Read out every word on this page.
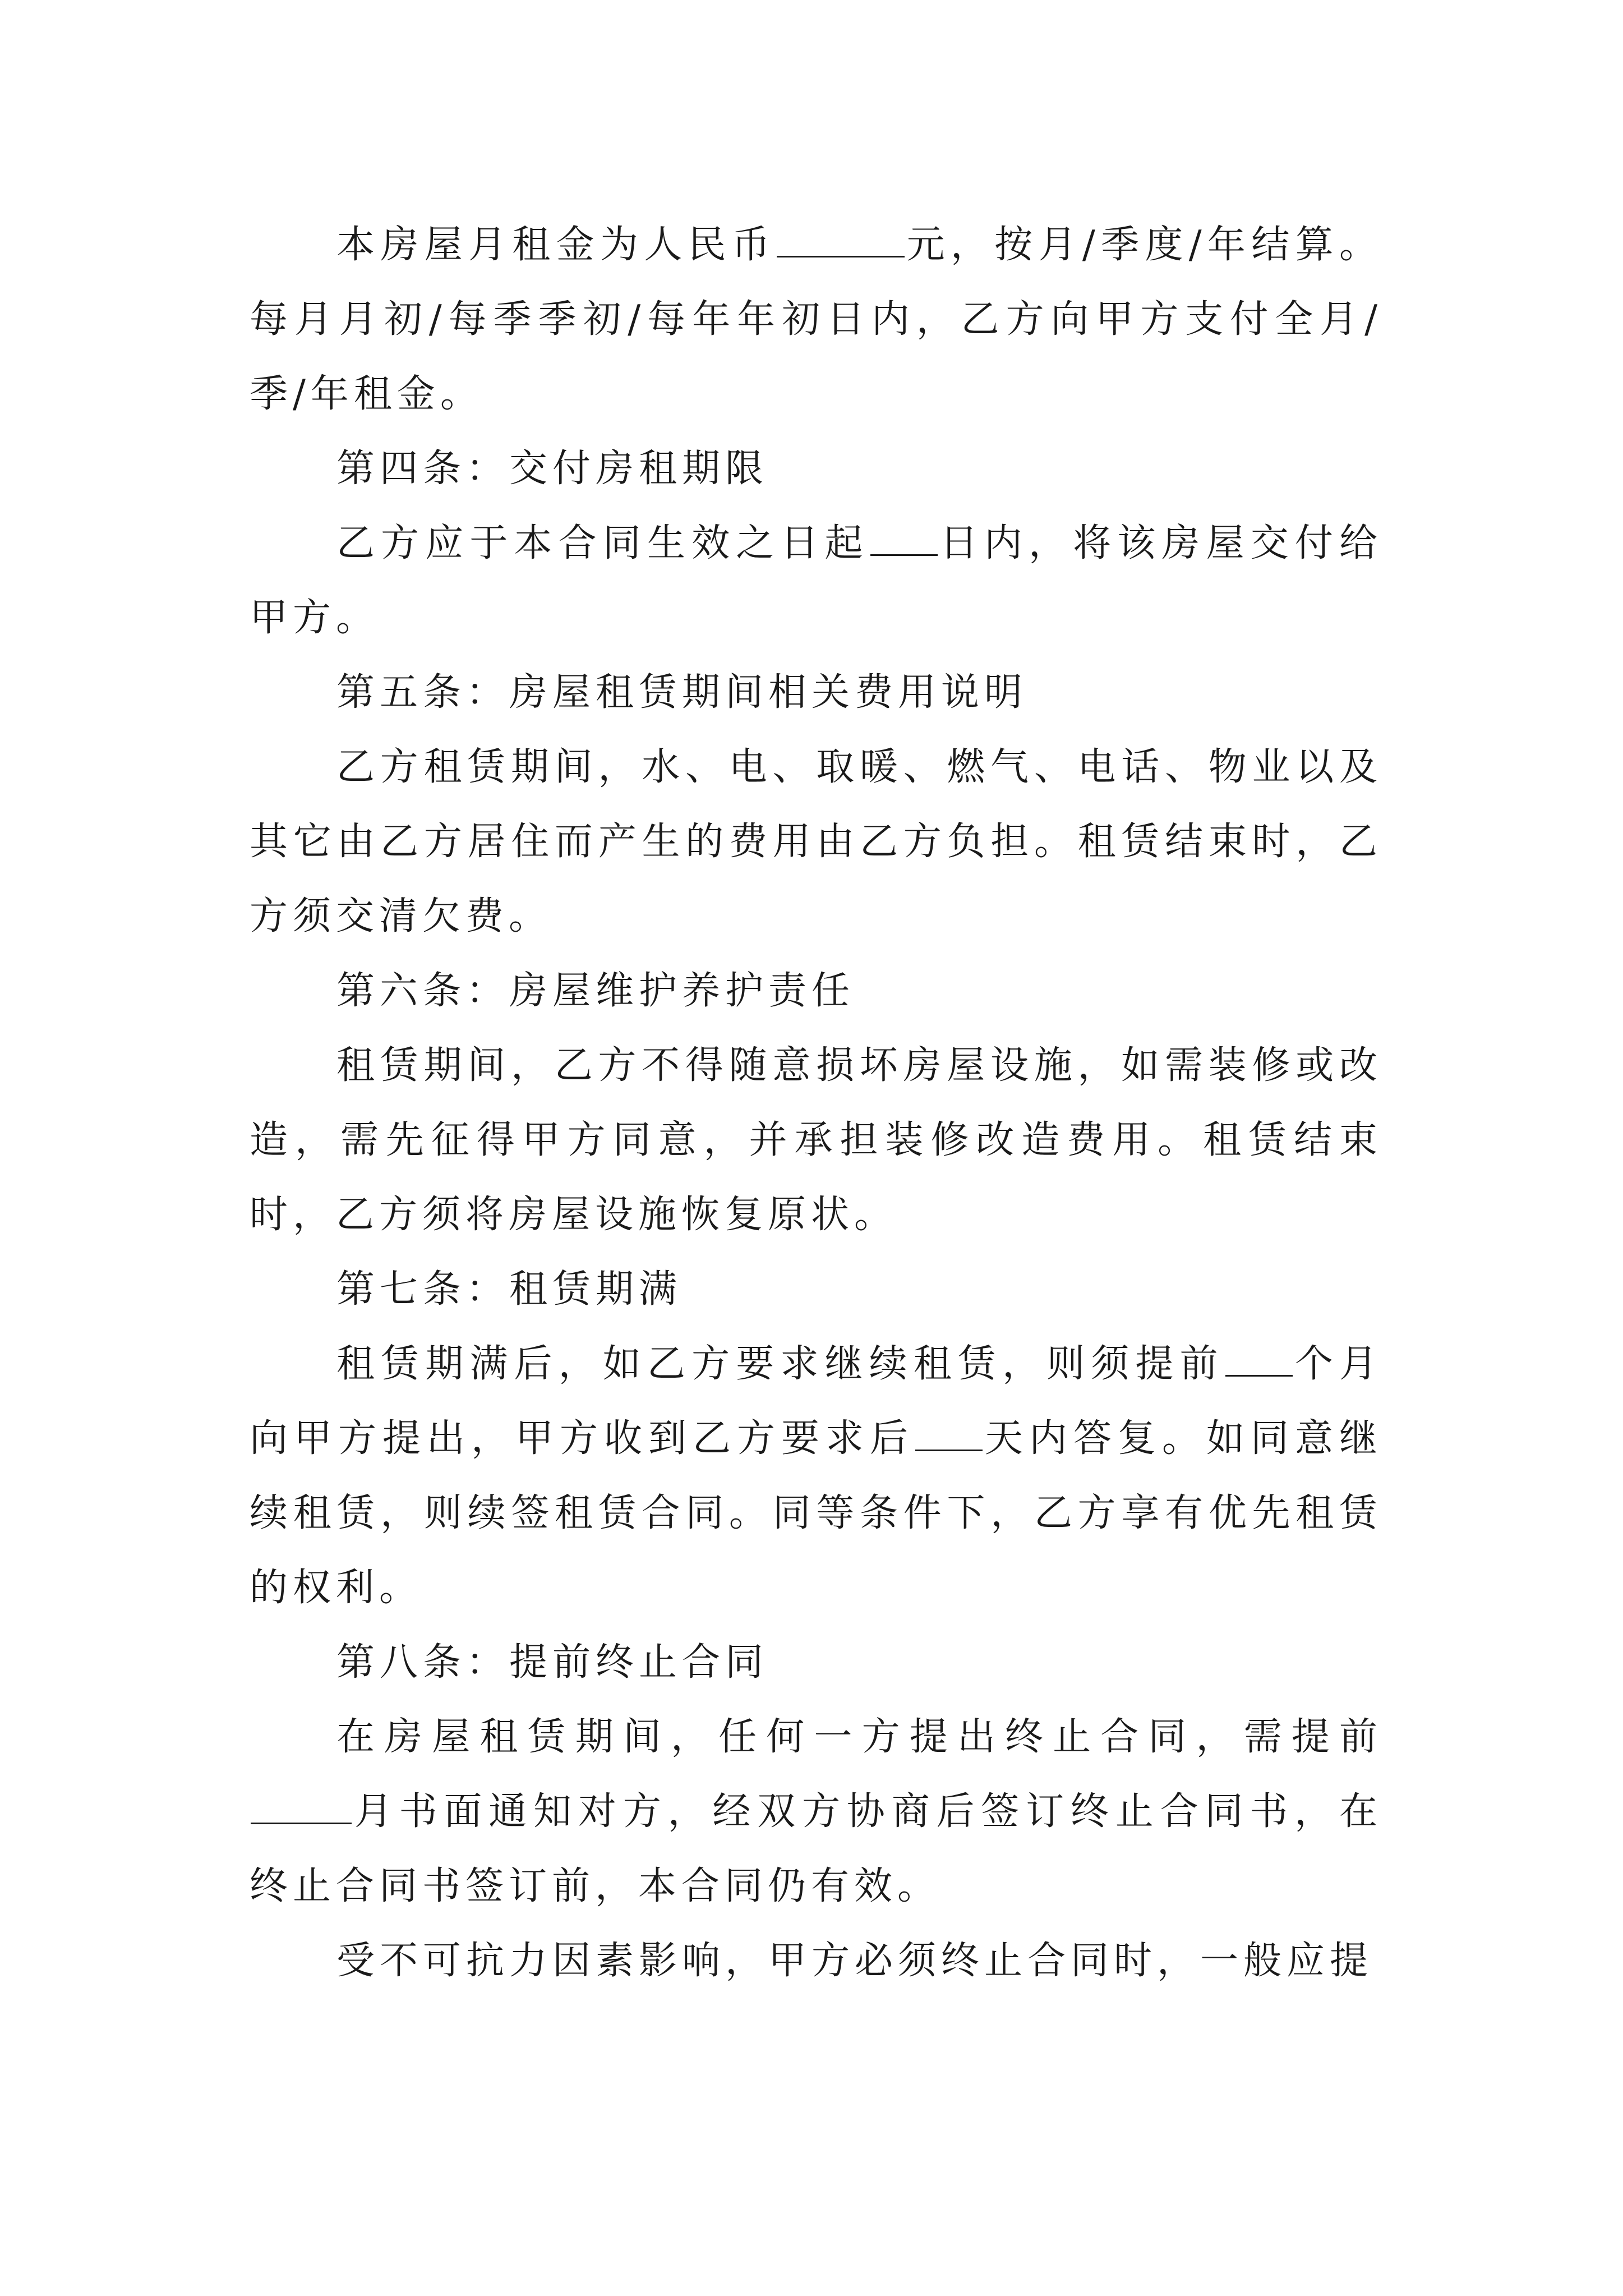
本房屋月租金为人民币	元，按月/季度/年结算。每月月初/每季季初/每年年初日内，乙方向甲方支付全月/季/年租金。

第四条：交付房租期限

乙方应于本合同生效之日起 日内，将该房屋交付给甲方。

第五条：房屋租赁期间相关费用说明

乙方租赁期间，水、电、取暖、燃气、电话、物业以及其它由乙方居住而产生的费用由乙方负担。租赁结束时，乙方须交清欠费。

第六条：房屋维护养护责任

租赁期间，乙方不得随意损坏房屋设施，如需装修或改造，需先征得甲方同意，并承担装修改造费用。租赁结束时，乙方须将房屋设施恢复原状。

第七条：租赁期满

租赁期满后，如乙方要求继续租赁，则须提前 个月向甲方提出，甲方收到乙方要求后 天内答复。如同意继续租赁，则续签租赁合同。同等条件下，乙方享有优先租赁的权利。

第八条：提前终止合同

在房屋租赁期间，任何一方提出终止合同，需提前月书面通知对方，经双方协商后签订终止合同书，在终止合同书签订前，本合同仍有效。

受不可抗力因素影响，甲方必须终止合同时，一般应提
